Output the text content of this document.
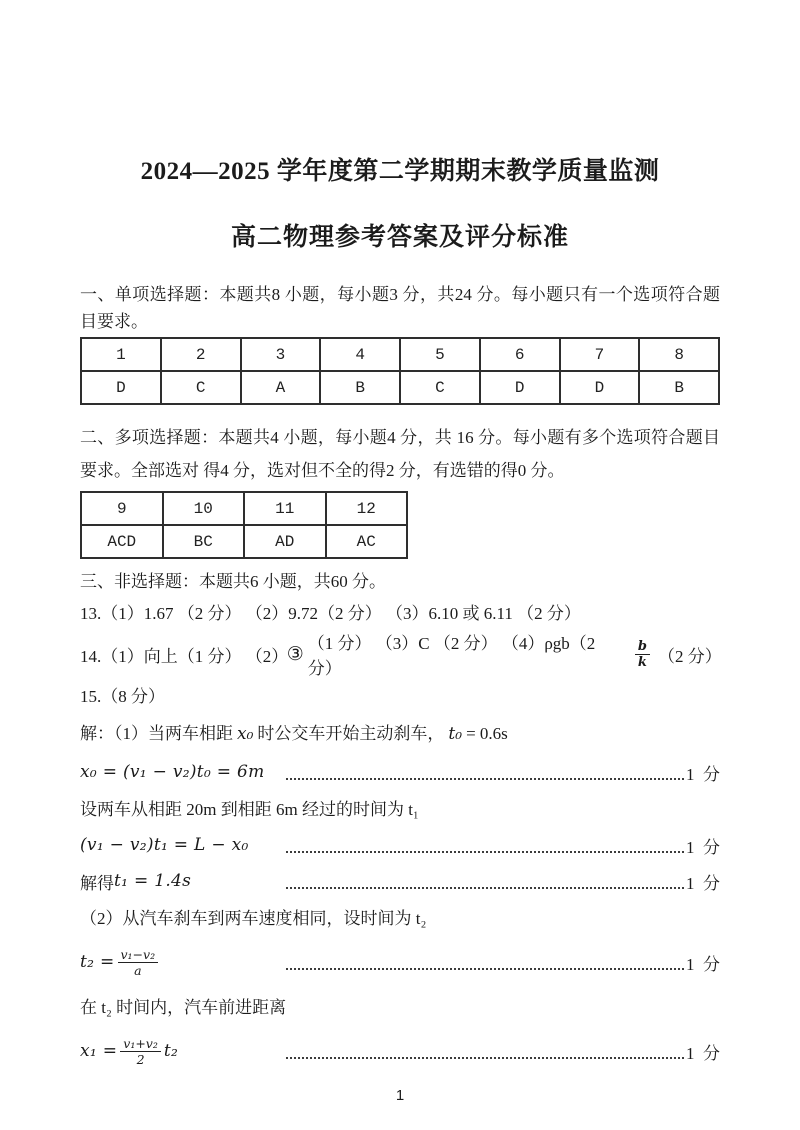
2024—2025 学年度第二学期期末教学质量监测
高二物理参考答案及评分标准
一、单项选择题：本题共8 小题，每小题3 分，共24 分。每小题只有一个选项符合题目要求。
1	2	3	4	5	6	7	8
D	C	A	B	C	D	D	B
二、多项选择题：本题共4 小题，每小题4 分，共 16 分。每小题有多个选项符合题目要求。全部选对 得4 分，选对但不全的得2 分，有选错的得0 分。
9	10	11	12
ACD	BC	AD	AC
三、非选择题：本题共6 小题，共60 分。
13.（1）1.67 （2 分） （2）9.72（2 分） （3）6.10 或 6.11 （2 分）
14.（1）向上（1 分） （2）
③ （1 分） （3）C （2 分） （4）ρgb（2 分）	$\frac{b}{k} (2$ 分）
15.（8 分）
解：（1）当两车相距 x₀ 时公交车开始主动刹车， t₀ = 0.6s
x₀ = (v₁ − v₂)t₀ = 6m	1  分
设两车从相距 20m 到相距 6m 经过的时间为 t₁
(v₁ − v₂)t₁ = L − x₀	1  分
解得 t₁ = 1.4s	1  分
（2）从汽车刹车到两车速度相同，设时间为 t₂
$t_2 = \frac{\text{v₁−v₂}}{a}$	1  分
在 t₂ 时间内，汽车前进距离
$x_1 = \frac{\text{v₁+v₂}}{2} t_2$	1  分
1
